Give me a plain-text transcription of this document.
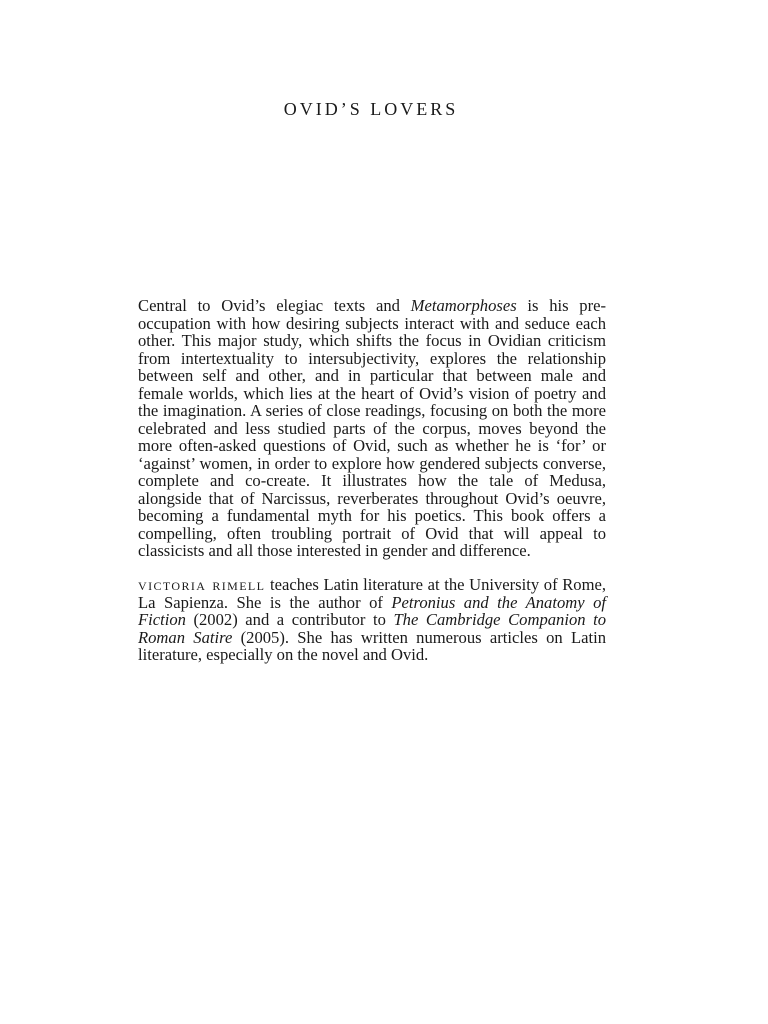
OVID’S LOVERS

Central to Ovid’s elegiac texts and Metamorphoses is his pre-occupation with how desiring subjects interact with and seduce each other. This major study, which shifts the focus in Ovidian criticism from intertextuality to intersubjectivity, explores the relationship between self and other, and in particular that between male and female worlds, which lies at the heart of Ovid’s vision of poetry and the imagination. A series of close readings, focusing on both the more celebrated and less studied parts of the corpus, moves beyond the more often-asked questions of Ovid, such as whether he is ‘for’ or ‘against’ women, in order to explore how gendered subjects converse, complete and co-create. It illustrates how the tale of Medusa, alongside that of Narcissus, reverberates throughout Ovid’s oeuvre, becoming a fundamental myth for his poetics. This book offers a compelling, often troubling portrait of Ovid that will appeal to classicists and all those interested in gender and difference.

victoria rimell teaches Latin literature at the University of Rome, La Sapienza. She is the author of Petronius and the Anatomy of Fiction (2002) and a contributor to The Cambridge Companion to Roman Satire (2005). She has written numerous articles on Latin literature, especially on the novel and Ovid.
